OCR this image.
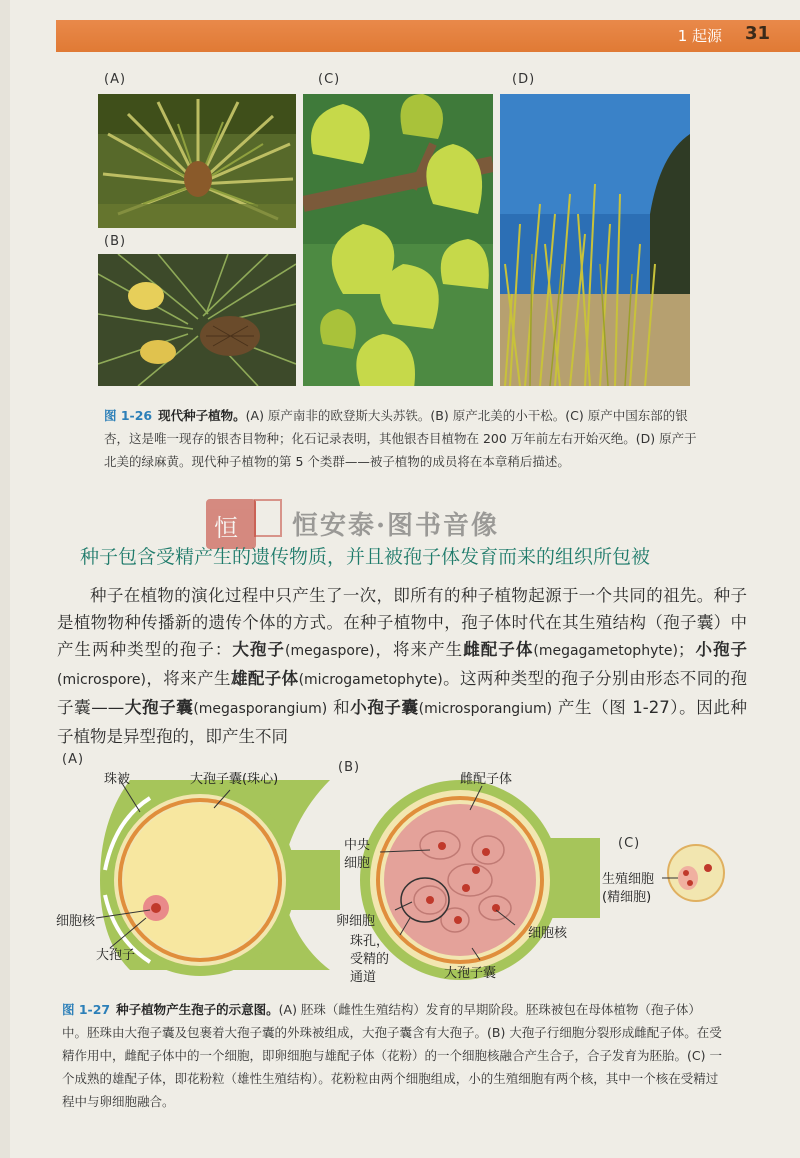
1 起源 31
(A)	(C)	(D)
(B)
图 1-26 现代种子植物。(A) 原产南非的欧登斯大头苏铁。(B) 原产北美的小干松。(C) 原产中国东部的银杏，这是唯一现存的银杏目物种；化石记录表明，其他银杏目植物在 200 万年前左右开始灭绝。(D) 原产于北美的绿麻黄。现代种子植物的第 5 个类群——被子植物的成员将在本章稍后描述。
恒 恒安泰·图书音像
种子包含受精产生的遗传物质，并且被孢子体发育而来的组织所包被
种子在植物的演化过程中只产生了一次，即所有的种子植物起源于一个共同的祖先。种子是植物物种传播新的遗传个体的方式。在种子植物中，孢子体时代在其生殖结构（孢子囊）中产生两种类型的孢子：大孢子(megaspore)，将来产生雌配子体(megagametophyte)；小孢子(microspore)，将来产生雄配子体(microgametophyte)。这两种类型的孢子分别由形态不同的孢子囊——大孢子囊(megasporangium) 和小孢子囊(microsporangium) 产生（图 1-27）。因此种子植物是异型孢的，即产生不同
(A)
(B)
(C)
珠被	大孢子囊(珠心)
细胞核
大孢子
雌配子体
中央
细胞
卵细胞
珠孔，
受精的
通道
细胞核
大孢子囊
生殖细胞
(精细胞)
图 1-27 种子植物产生孢子的示意图。(A) 胚珠（雌性生殖结构）发育的早期阶段。胚珠被包在母体植物（孢子体）中。胚珠由大孢子囊及包裹着大孢子囊的外珠被组成，大孢子囊含有大孢子。(B) 大孢子行细胞分裂形成雌配子体。在受精作用中，雌配子体中的一个细胞，即卵细胞与雄配子体（花粉）的一个细胞核融合产生合子，合子发育为胚胎。(C) 一个成熟的雄配子体，即花粉粒（雄性生殖结构）。花粉粒由两个细胞组成，小的生殖细胞有两个核，其中一个核在受精过程中与卵细胞融合。
